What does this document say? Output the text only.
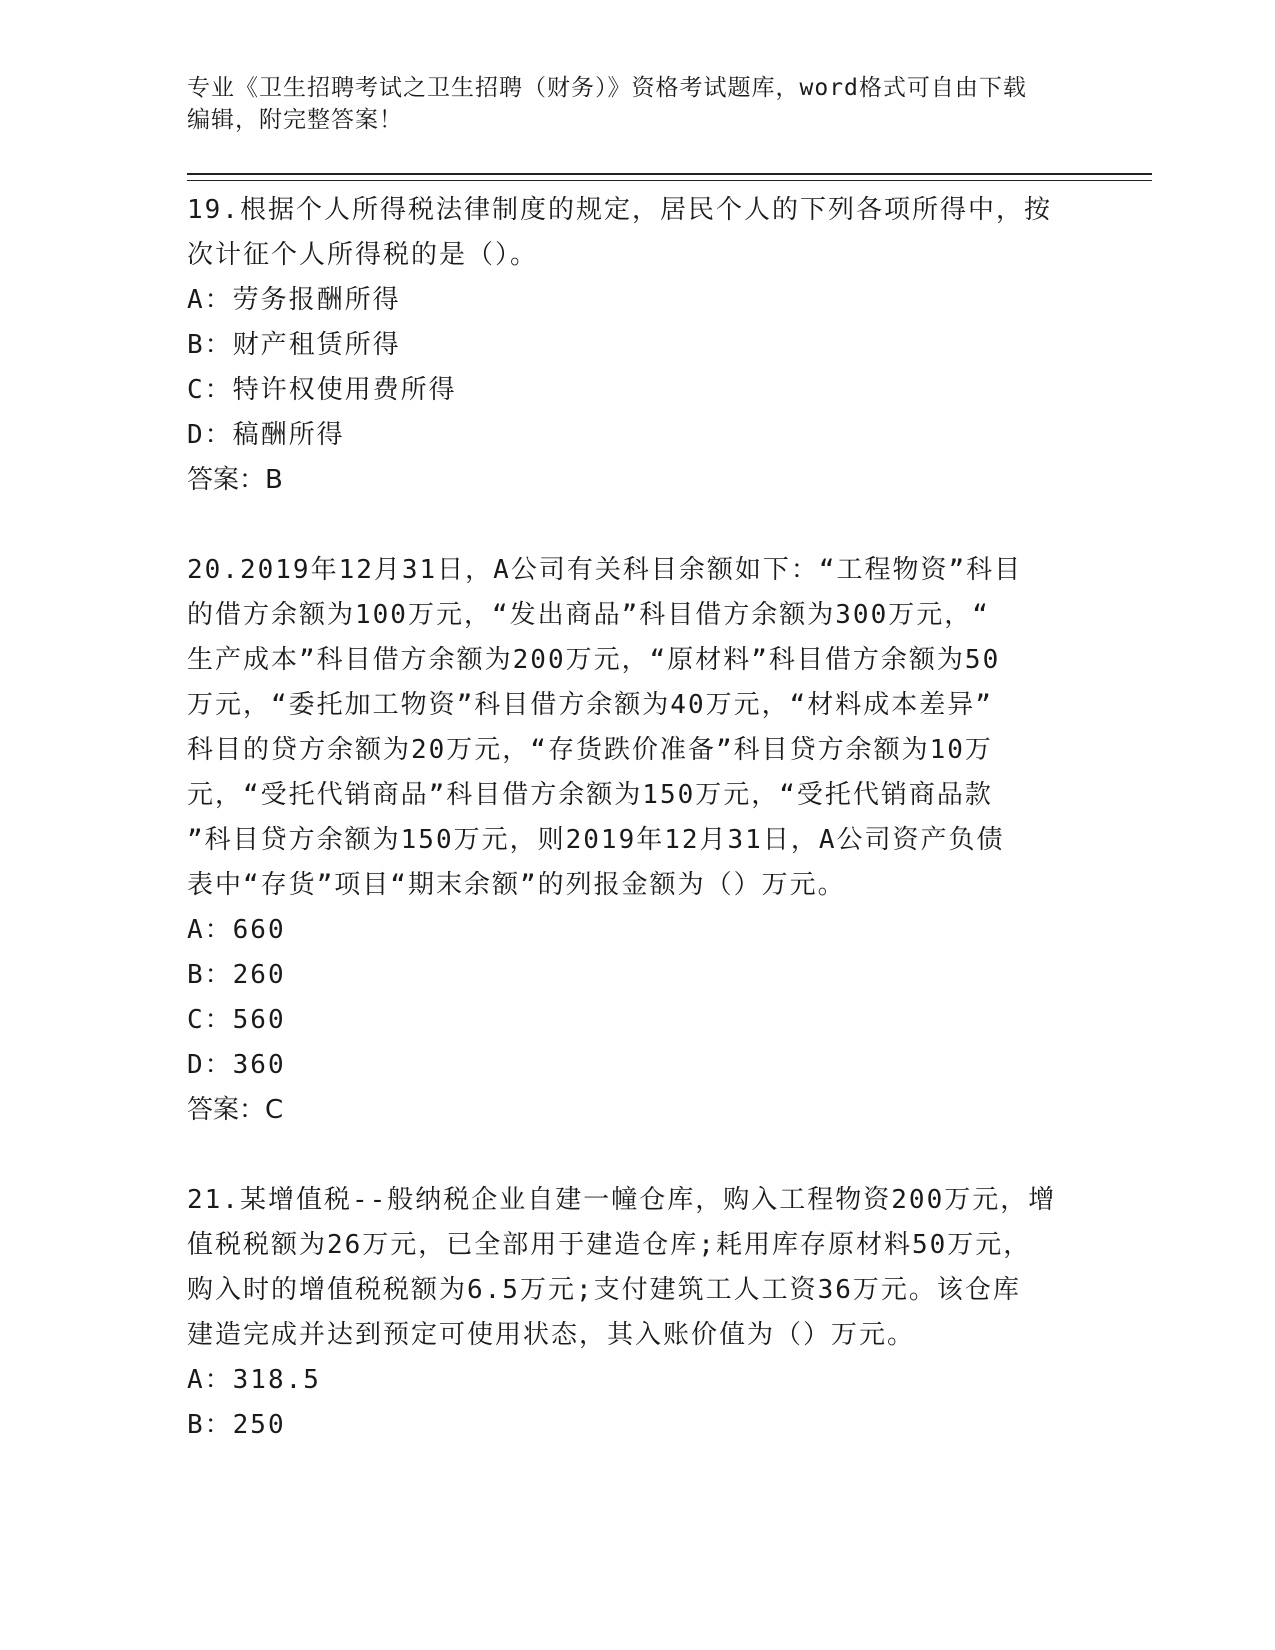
专业《卫生招聘考试之卫生招聘（财务）》资格考试题库，word格式可自由下载
编辑，附完整答案！

19.根据个人所得税法律制度的规定，居民个人的下列各项所得中，按

次计征个人所得税的是（）。

A：劳务报酬所得

B：财产租赁所得

C：特许权使用费所得

D：稿酬所得

答案：B

20.2019年12月31日，A公司有关科目余额如下：“工程物资”科目

的借方余额为100万元，“发出商品”科目借方余额为300万元，“

生产成本”科目借方余额为200万元，“原材料”科目借方余额为50

万元，“委托加工物资”科目借方余额为40万元，“材料成本差异”

科目的贷方余额为20万元，“存货跌价准备”科目贷方余额为10万

元，“受托代销商品”科目借方余额为150万元，“受托代销商品款

”科目贷方余额为150万元，则2019年12月31日，A公司资产负债

表中“存货”项目“期末余额”的列报金额为（）万元。

A：660

B：260

C：560

D：360

答案：C

21.某增值税--般纳税企业自建一幢仓库，购入工程物资200万元，增

值税税额为26万元，已全部用于建造仓库;耗用库存原材料50万元，

购入时的增值税税额为6.5万元;支付建筑工人工资36万元。该仓库

建造完成并达到预定可使用状态，其入账价值为（）万元。

A：318.5

B：250
